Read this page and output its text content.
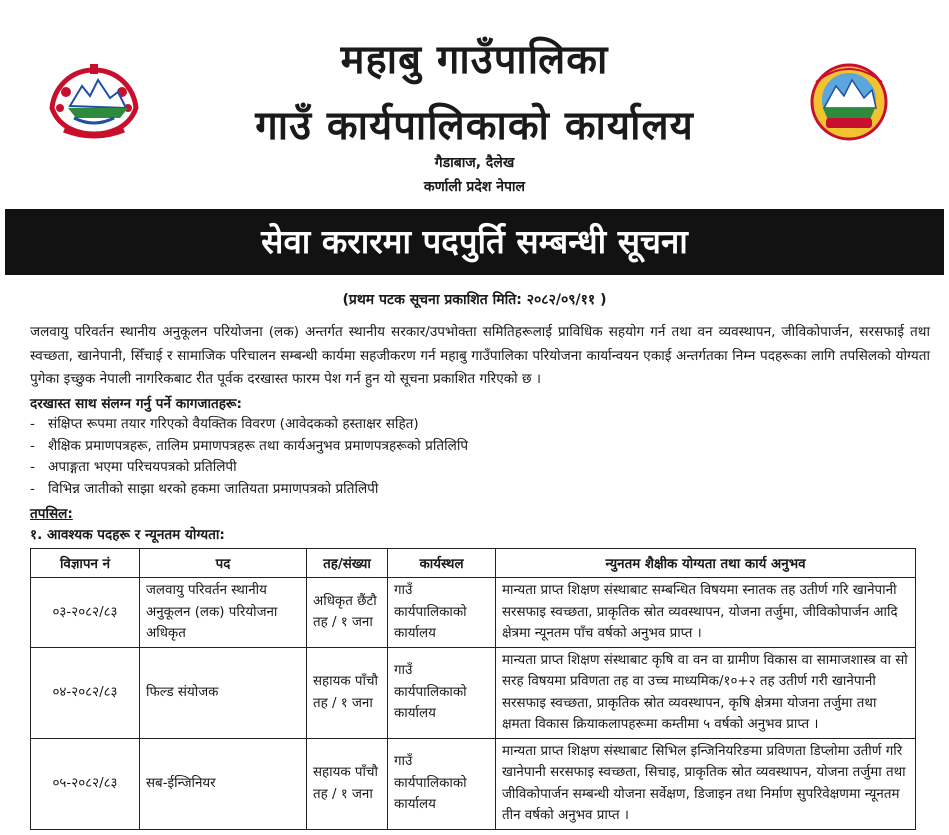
महाबु गाउँपालिका
गाउँ कार्यपालिकाको कार्यालय
गैडाबाज, दैलेख
कर्णाली प्रदेश नेपाल
सेवा करारमा पदपुर्ति सम्बन्धी सूचना
(प्रथम पटक सूचना प्रकाशित मिति: २०८२/०९/११ )
जलवायु परिवर्तन स्थानीय अनुकूलन परियोजना (लक) अन्तर्गत स्थानीय सरकार/उपभोक्ता समितिहरूलाई प्राविधिक सहयोग गर्न तथा वन व्यवस्थापन, जीविकोपार्जन, सरसफाई तथा स्वच्छता, खानेपानी, सिँचाई र सामाजिक परिचालन सम्बन्धी कार्यमा सहजीकरण गर्न महाबु गाउँपालिका परियोजना कार्यान्वयन एकाई अन्तर्गतका निम्न पदहरूका लागि तपसिलको योग्यता पुगेका इच्छुक नेपाली नागरिकबाट रीत पूर्वक दरखास्त फारम पेश गर्न हुन यो सूचना प्रकाशित गरिएको छ ।
दरखास्त साथ संलग्न गर्नु पर्ने कागजातहरू:
- संक्षिप्त रूपमा तयार गरिएको वैयक्तिक विवरण (आवेदकको हस्ताक्षर सहित)
- शैक्षिक प्रमाणपत्रहरू, तालिम प्रमाणपत्रहरू तथा कार्यअनुभव प्रमाणपत्रहरूको प्रतिलिपि
- अपाङ्गता भएमा परिचयपत्रको प्रतिलिपी
- विभिन्न जातीको साझा थरको हकमा जातियता प्रमाणपत्रको प्रतिलिपी
तपसिल:
१. आवश्यक पदहरू र न्यूनतम योग्यता:
विज्ञापन नं	पद	तह/संख्या	कार्यस्थल	न्युनतम शैक्षीक योग्यता तथा कार्य अनुभव
०३-२०८२/८३	जलवायु परिवर्तन स्थानीय अनुकूलन (लक) परियोजना अधिकृत	अधिकृत छैंटौ तह / १ जना	गाउँ कार्यपालिकाको कार्यालय	मान्यता प्राप्त शिक्षण संस्थाबाट सम्बन्धित विषयमा स्नातक तह उतीर्ण गरि खानेपानी सरसफाइ स्वच्छता, प्राकृतिक स्रोत व्यवस्थापन, योजना तर्जुमा, जीविकोपार्जन आदि क्षेत्रमा न्यूनतम पाँच वर्षको अनुभव प्राप्त ।
०४-२०८२/८३	फिल्ड संयोजक	सहायक पाँचौ तह / १ जना	गाउँ कार्यपालिकाको कार्यालय	मान्यता प्राप्त शिक्षण संस्थाबाट कृषि वा वन वा ग्रामीण विकास वा सामाजशास्त्र वा सो सरह विषयमा प्रविणता तह वा उच्च माध्यमिक/१०+२ तह उतीर्ण गरी खानेपानी सरसफाइ स्वच्छता, प्राकृतिक स्रोत व्यवस्थापन, कृषि क्षेत्रमा योजना तर्जुमा तथा क्षमता विकास क्रियाकलापहरूमा कम्तीमा ५ वर्षको अनुभव प्राप्त ।
०५-२०८२/८३	सब-ईन्जिनियर	सहायक पाँचौ तह / १ जना	गाउँ कार्यपालिकाको कार्यालय	मान्यता प्राप्त शिक्षण संस्थाबाट सिभिल इन्जिनियरिङमा प्रविणता डिप्लोमा उतीर्ण गरि खानेपानी सरसफाइ स्वच्छता, सिचाइ, प्राकृतिक स्रोत व्यवस्थापन, योजना तर्जुमा तथा जीविकोपार्जन सम्बन्धी योजना सर्वेक्षण, डिजाइन तथा निर्माण सुपरिवेक्षणमा न्यूनतम तीन वर्षको अनुभव प्राप्त ।
